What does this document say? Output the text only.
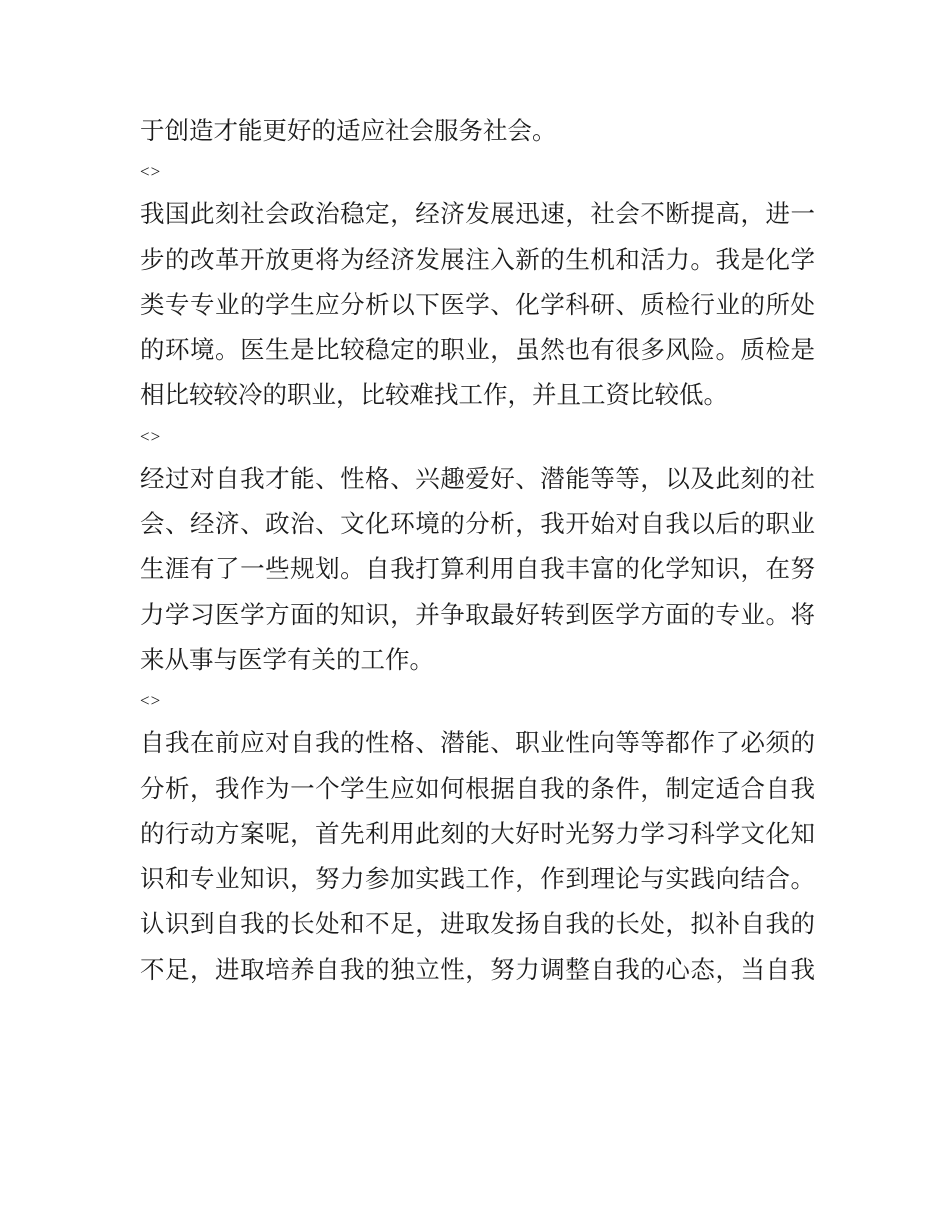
于创造才能更好的适应社会服务社会。
<>
我国此刻社会政治稳定，经济发展迅速，社会不断提高，进一
步的改革开放更将为经济发展注入新的生机和活力。我是化学
类专专业的学生应分析以下医学、化学科研、质检行业的所处
的环境。医生是比较稳定的职业，虽然也有很多风险。质检是
相比较较冷的职业，比较难找工作，并且工资比较低。
<>
经过对自我才能、性格、兴趣爱好、潜能等等，以及此刻的社
会、经济、政治、文化环境的分析，我开始对自我以后的职业
生涯有了一些规划。自我打算利用自我丰富的化学知识，在努
力学习医学方面的知识，并争取最好转到医学方面的专业。将
来从事与医学有关的工作。
<>
自我在前应对自我的性格、潜能、职业性向等等都作了必须的
分析，我作为一个学生应如何根据自我的条件，制定适合自我
的行动方案呢，首先利用此刻的大好时光努力学习科学文化知
识和专业知识，努力参加实践工作，作到理论与实践向结合。
认识到自我的长处和不足，进取发扬自我的长处，拟补自我的
不足，进取培养自我的独立性，努力调整自我的心态，当自我
